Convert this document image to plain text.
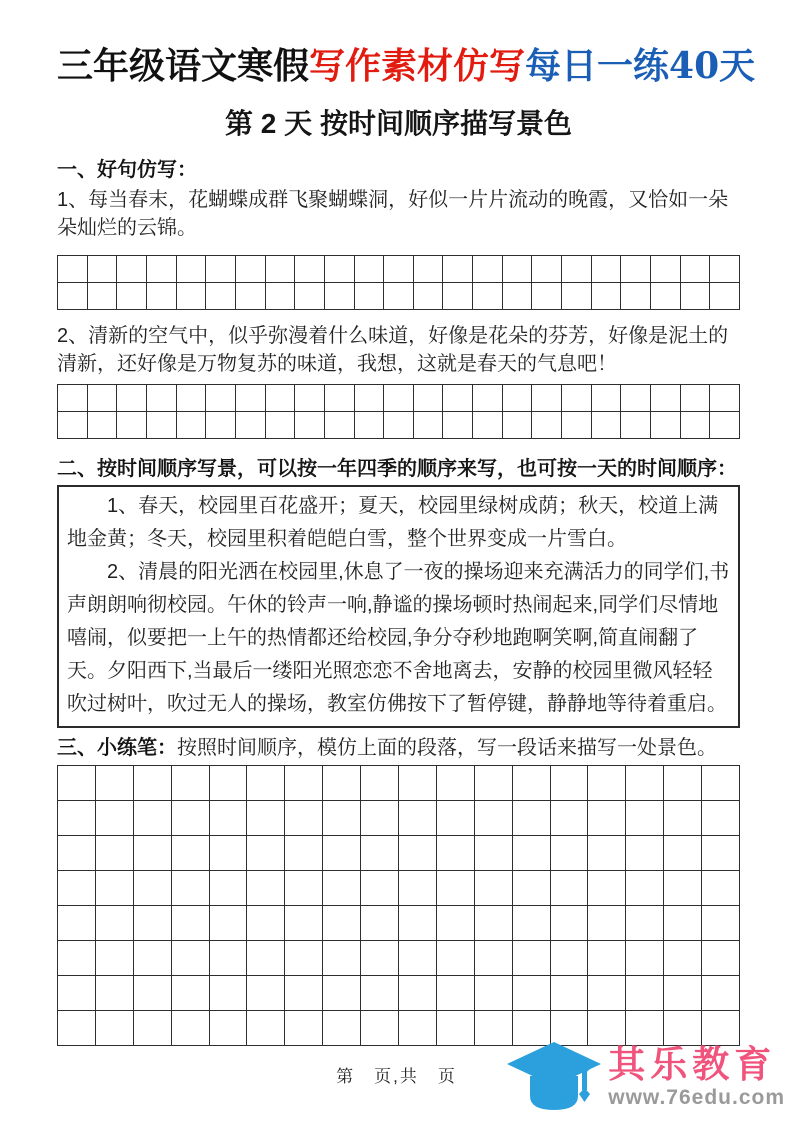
三年级语文寒假写作素材仿写每日一练40天
第 2 天 按时间顺序描写景色
一、好句仿写：

1、每当春末，花蝴蝶成群飞聚蝴蝶洞，好似一片片流动的晚霞，又恰如一朵朵灿烂的云锦。

2、清新的空气中，似乎弥漫着什么味道，好像是花朵的芬芳，好像是泥土的清新，还好像是万物复苏的味道，我想，这就是春天的气息吧！

二、按时间顺序写景，可以按一年四季的顺序来写，也可按一天的时间顺序：

1、春天，校园里百花盛开；夏天，校园里绿树成荫；秋天，校道上满地金黄；冬天，校园里积着皑皑白雪，整个世界变成一片雪白。

2、清晨的阳光洒在校园里,休息了一夜的操场迎来充满活力的同学们,书声朗朗响彻校园。午休的铃声一响,静谧的操场顿时热闹起来,同学们尽情地嘻闹，似要把一上午的热情都还给校园,争分夺秒地跑啊笑啊,简直闹翻了天。夕阳西下,当最后一缕阳光照恋恋不舍地离去，安静的校园里微风轻轻吹过树叶，吹过无人的操场，教室仿佛按下了暂停键，静静地等待着重启。

三、小练笔：按照时间顺序，模仿上面的段落，写一段话来描写一处景色。
第　页,共　页	其乐教育
www.76edu.com
